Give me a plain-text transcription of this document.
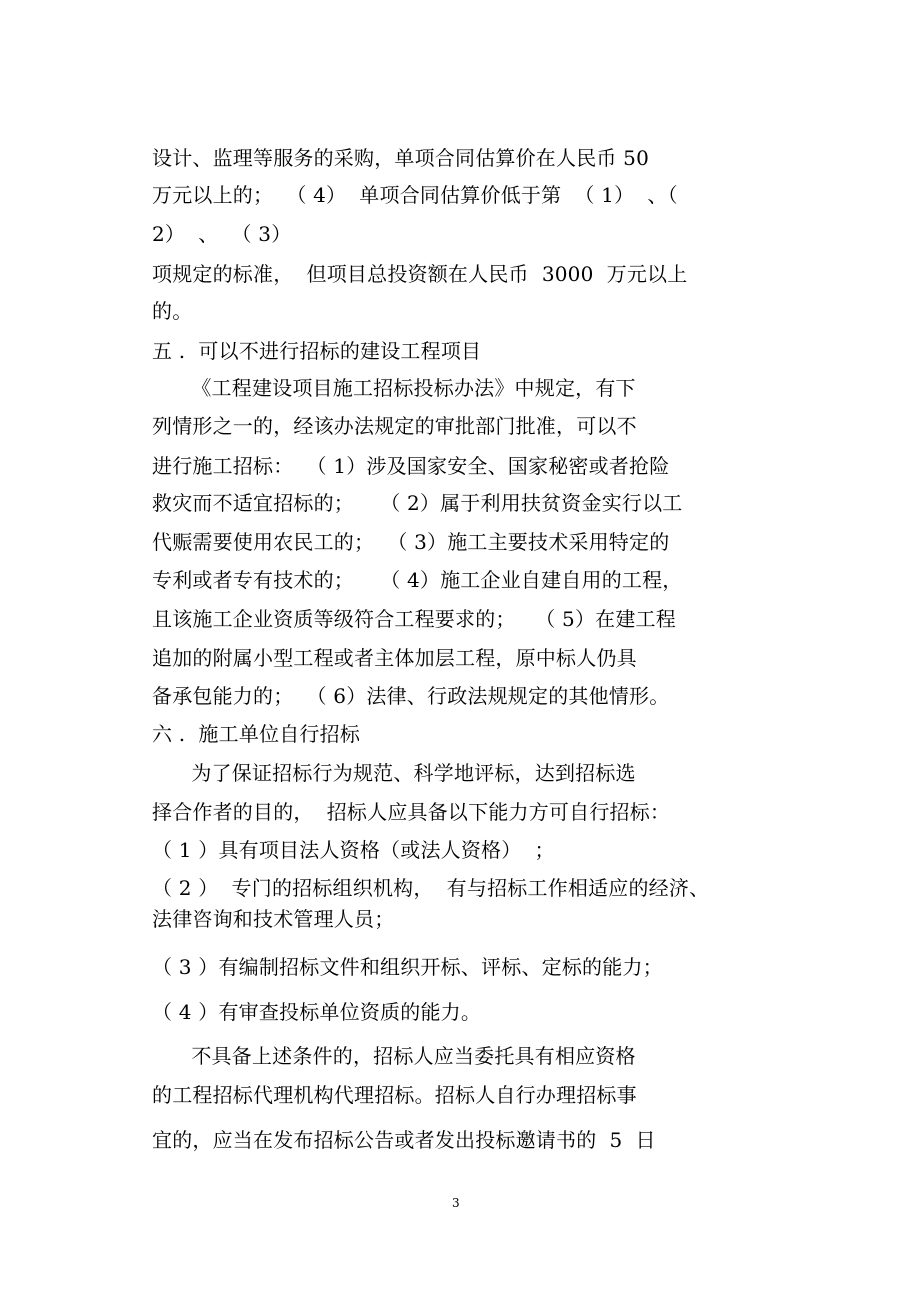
设计、监理等服务的采购，单项合同估算价在人民币 50
万元以上的；  （ 4）  单项合同估算价低于第  （ 1）  、（
2）  、  （ 3）
项规定的标准，  但项目总投资额在人民币  3000  万元以上
的。
五 .  可以不进行招标的建设工程项目
《工程建设项目施工招标投标办法》中规定，有下
列情形之一的，经该办法规定的审批部门批准，可以不
进行施工招标：  （ 1）涉及国家安全、国家秘密或者抢险
救灾而不适宜招标的；    （ 2）属于利用扶贫资金实行以工
代赈需要使用农民工的；  （ 3）施工主要技术采用特定的
专利或者专有技术的；    （ 4）施工企业自建自用的工程，
且该施工企业资质等级符合工程要求的；   （ 5）在建工程
追加的附属小型工程或者主体加层工程，原中标人仍具
备承包能力的；  （ 6）法律、行政法规规定的其他情形。
六 .  施工单位自行招标
为了保证招标行为规范、科学地评标，达到招标选
择合作者的目的，  招标人应具备以下能力方可自行招标：
（ 1 ）具有项目法人资格（或法人资格）  ；
（ 2 ）  专门的招标组织机构，  有与招标工作相适应的经济、
法律咨询和技术管理人员；
（ 3 ）有编制招标文件和组织开标、评标、定标的能力；
（ 4 ）有审查投标单位资质的能力。
不具备上述条件的，招标人应当委托具有相应资格
的工程招标代理机构代理招标。招标人自行办理招标事
宜的，应当在发布招标公告或者发出投标邀请书的  5  日
3
